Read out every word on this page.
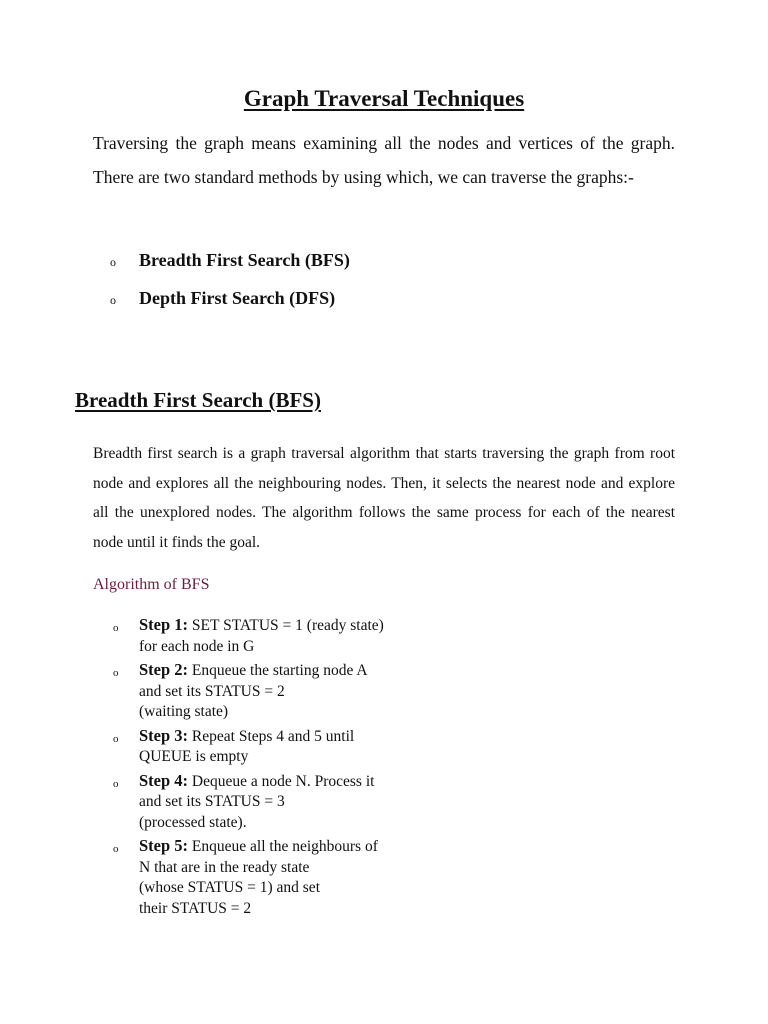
Graph Traversal Techniques

Traversing the graph means examining all the nodes and vertices of the graph. There are two standard methods by using which, we can traverse the graphs:-

o	Breadth First Search (BFS)
o	Depth First Search (DFS)
Breadth First Search (BFS)

Breadth first search is a graph traversal algorithm that starts traversing the graph from root node and explores all the neighbouring nodes. Then, it selects the nearest node and explore all the unexplored nodes. The algorithm follows the same process for each of the nearest node until it finds the goal.

Algorithm of BFS
o	Step 1: SET STATUS = 1 (ready state)
for each node in G
o	Step 2: Enqueue the starting node A
and set its STATUS = 2
(waiting state)
o	Step 3: Repeat Steps 4 and 5 until
QUEUE is empty
o	Step 4: Dequeue a node N. Process it
and set its STATUS = 3
(processed state).
o	Step 5: Enqueue all the neighbours of
N that are in the ready state
(whose STATUS = 1) and set
their STATUS = 2
